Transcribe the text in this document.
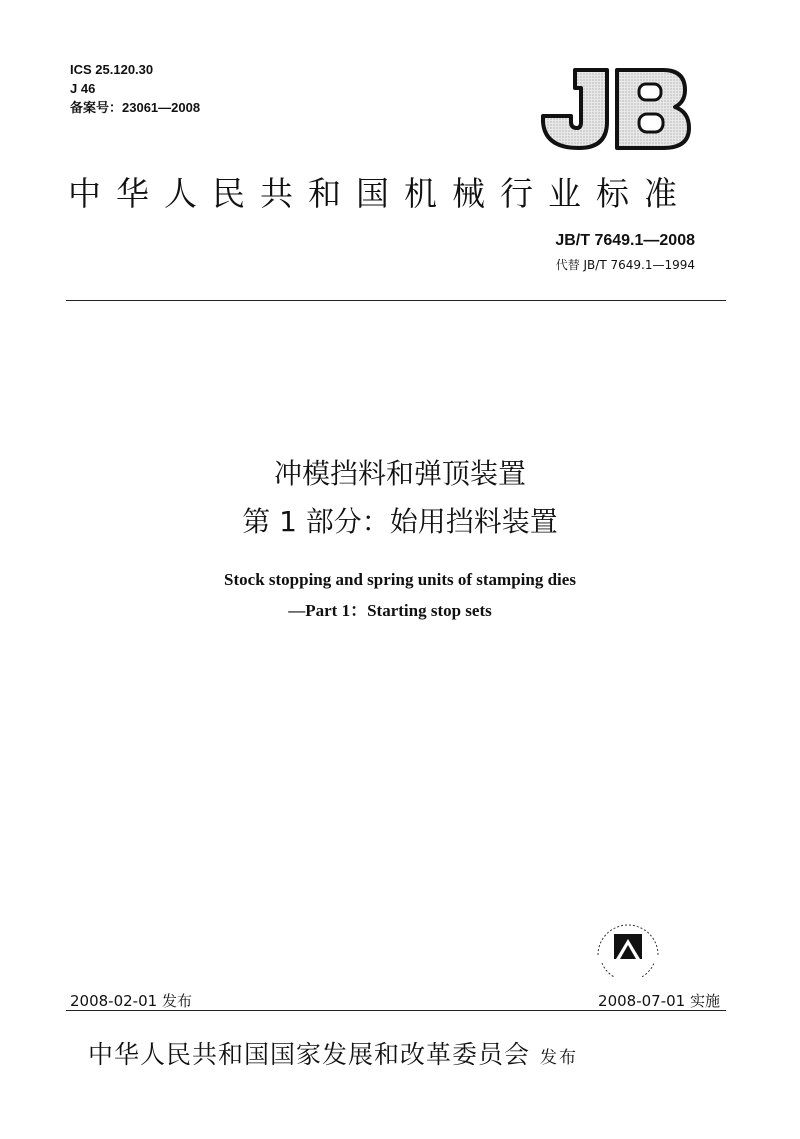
ICS 25.120.30
J 46
备案号：23061—2008
中华人民共和国机械行业标准
JB/T 7649.1—2008
代替 JB/T 7649.1—1994
冲模挡料和弹顶装置
第 1 部分：始用挡料装置
Stock stopping and spring units of stamping dies
—Part 1：Starting stop sets
2008-02-01 发布	2008-07-01 实施
中华人民共和国国家发展和改革委员会 发布
